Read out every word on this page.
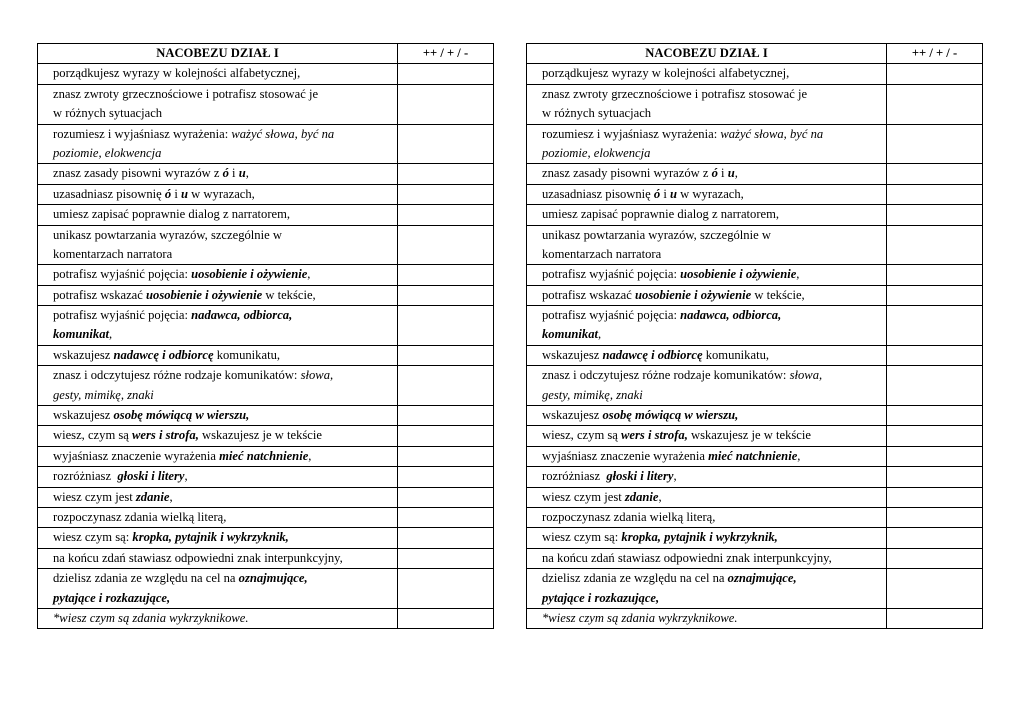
NACOBEZU DZIAŁ I	++ / + / -

porządkujesz wyrazy w kolejności alfabetycznej,	

znasz zwroty grzecznościowe i potrafisz stosować je
w różnych sytuacjach	

rozumiesz i wyjaśniasz wyrażenia: ważyć słowa, być na
poziomie, elokwencja	

znasz zasady pisowni wyrazów z ó i u,	

uzasadniasz pisownię ó i u w wyrazach,	

umiesz zapisać poprawnie dialog z narratorem,	

unikasz powtarzania wyrazów, szczególnie w
komentarzach narratora	

potrafisz wyjaśnić pojęcia: uosobienie i ożywienie,	

potrafisz wskazać uosobienie i ożywienie w tekście,	

potrafisz wyjaśnić pojęcia: nadawca, odbiorca,
komunikat,	

wskazujesz nadawcę i odbiorcę komunikatu,	

znasz i odczytujesz różne rodzaje komunikatów: słowa,
gesty, mimikę, znaki	

wskazujesz osobę mówiącą w wierszu,	

wiesz, czym są wers i strofa, wskazujesz je w tekście	

wyjaśniasz znaczenie wyrażenia mieć natchnienie,	

rozróżniasz  głoski i litery,	

wiesz czym jest zdanie,	

rozpoczynasz zdania wielką literą,	

wiesz czym są: kropka, pytajnik i wykrzyknik,	

na końcu zdań stawiasz odpowiedni znak interpunkcyjny,	

dzielisz zdania ze względu na cel na oznajmujące,
pytające i rozkazujące,	

*wiesz czym są zdania wykrzyknikowe.	

NACOBEZU DZIAŁ I	++ / + / -

porządkujesz wyrazy w kolejności alfabetycznej,	

znasz zwroty grzecznościowe i potrafisz stosować je
w różnych sytuacjach	

rozumiesz i wyjaśniasz wyrażenia: ważyć słowa, być na
poziomie, elokwencja	

znasz zasady pisowni wyrazów z ó i u,	

uzasadniasz pisownię ó i u w wyrazach,	

umiesz zapisać poprawnie dialog z narratorem,	

unikasz powtarzania wyrazów, szczególnie w
komentarzach narratora	

potrafisz wyjaśnić pojęcia: uosobienie i ożywienie,	

potrafisz wskazać uosobienie i ożywienie w tekście,	

potrafisz wyjaśnić pojęcia: nadawca, odbiorca,
komunikat,	

wskazujesz nadawcę i odbiorcę komunikatu,	

znasz i odczytujesz różne rodzaje komunikatów: słowa,
gesty, mimikę, znaki	

wskazujesz osobę mówiącą w wierszu,	

wiesz, czym są wers i strofa, wskazujesz je w tekście	

wyjaśniasz znaczenie wyrażenia mieć natchnienie,	

rozróżniasz  głoski i litery,	

wiesz czym jest zdanie,	

rozpoczynasz zdania wielką literą,	

wiesz czym są: kropka, pytajnik i wykrzyknik,	

na końcu zdań stawiasz odpowiedni znak interpunkcyjny,	

dzielisz zdania ze względu na cel na oznajmujące,
pytające i rozkazujące,	

*wiesz czym są zdania wykrzyknikowe.	
